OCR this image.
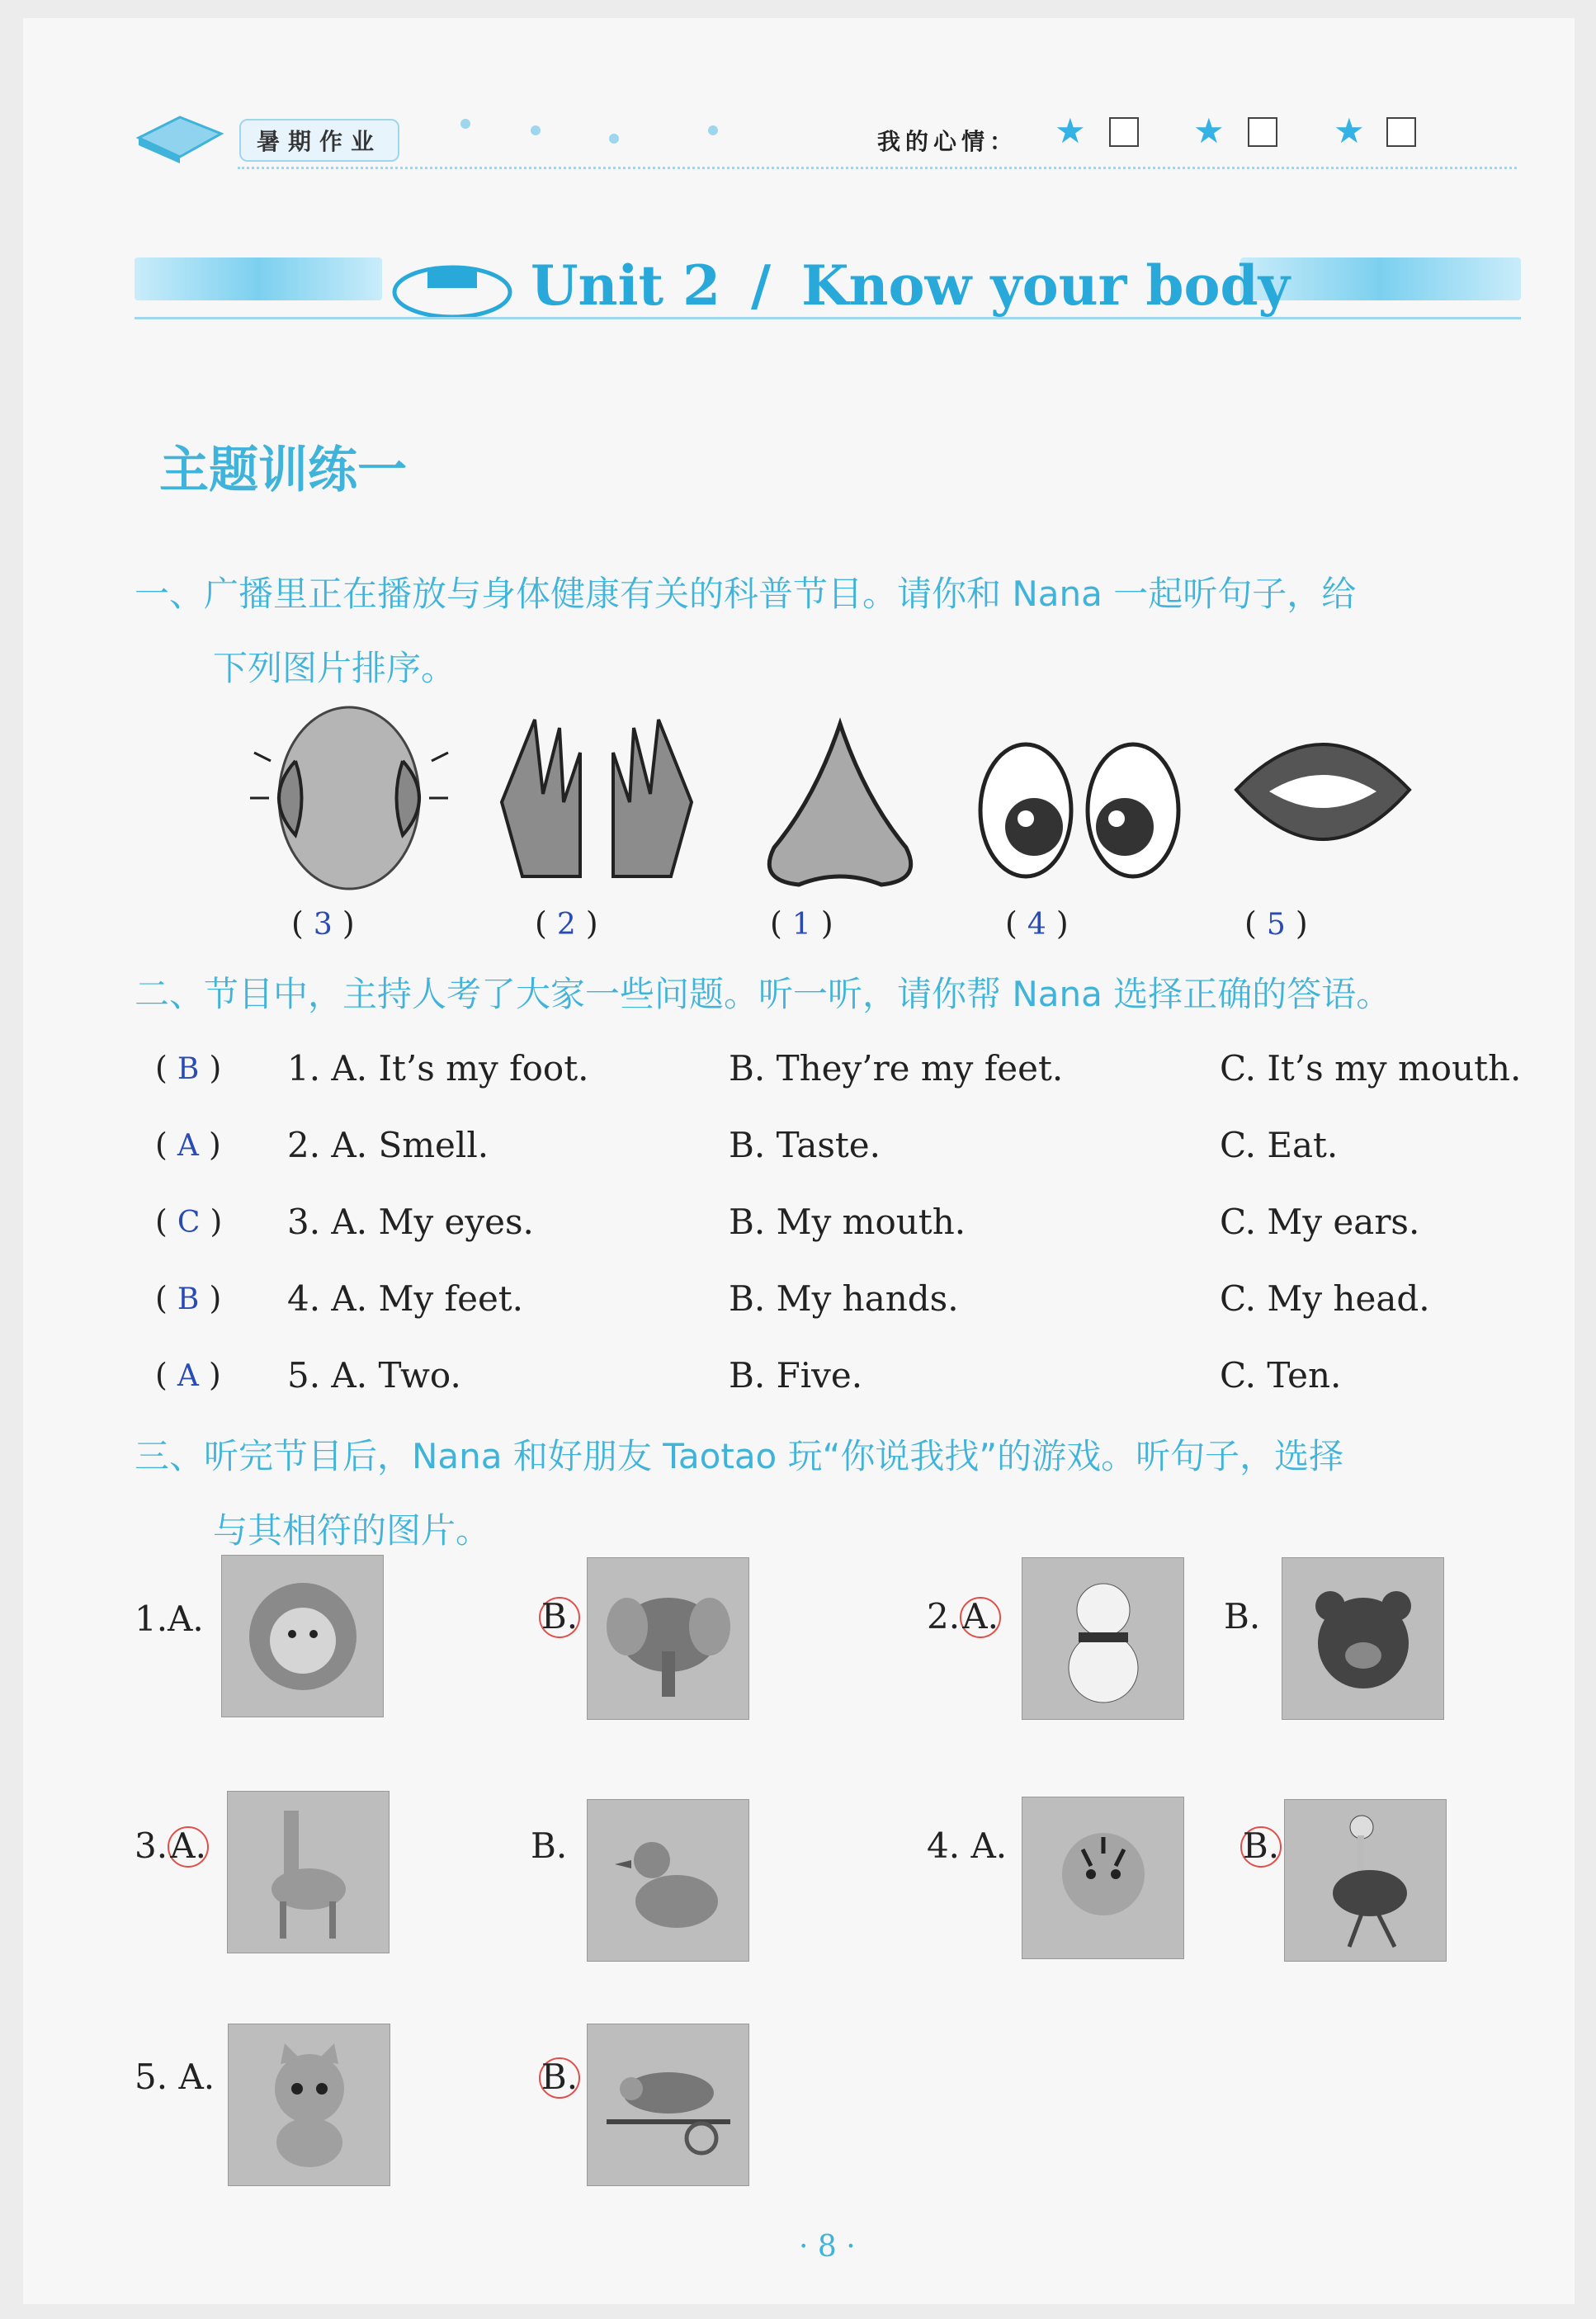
暑期作业	我的心情： ★	★	★
Unit 2 / Know your body
主题训练一
一、广播里正在播放与身体健康有关的科普节目。请你和 Nana 一起听句子，给
下列图片排序。
( 3 )	( 2 )	( 1 )	( 4 )	( 5 )
二、节目中，主持人考了大家一些问题。听一听，请你帮 Nana 选择正确的答语。
( B ) 1. A. It’s my foot.	B. They’re my feet.	C. It’s my mouth.
( A ) 2. A. Smell.	B. Taste.	C. Eat.
( C ) 3. A. My eyes.	B. My mouth.	C. My ears.
( B ) 4. A. My feet.	B. My hands.	C. My head.
( A ) 5. A. Two.	B. Five.	C. Ten.
三、听完节目后，Nana 和好朋友 Taotao 玩“你说我找”的游戏。听句子，选择
与其相符的图片。
1.A.	B.	2.A.	B.
3.A.	B.	4. A.	B.
5. A.	B.
· 8 ·
